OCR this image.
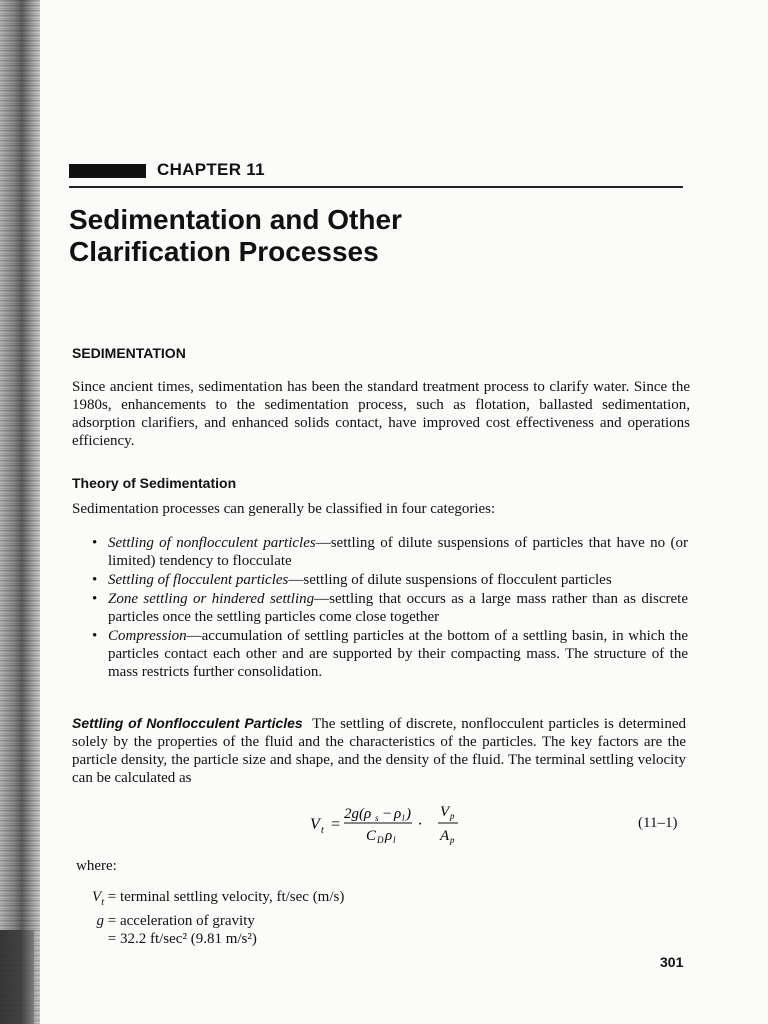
CHAPTER 11
Sedimentation and Other
Clarification Processes
SEDIMENTATION
Since ancient times, sedimentation has been the standard treatment process to clarify water. Since the 1980s, enhancements to the sedimentation process, such as flotation, ballasted sedimentation, adsorption clarifiers, and enhanced solids contact, have improved cost effectiveness and operations efficiency.
Theory of Sedimentation
Sedimentation processes can generally be classified in four categories:
• Settling of nonflocculent particles—settling of dilute suspensions of particles that have no (or limited) tendency to flocculate
• Settling of flocculent particles—settling of dilute suspensions of flocculent particles
• Zone settling or hindered settling—settling that occurs as a large mass rather than as discrete particles once the settling particles come close together
• Compression—accumulation of settling particles at the bottom of a settling basin, in which the particles contact each other and are supported by their compacting mass. The structure of the mass restricts further consolidation.
Settling of Nonflocculent Particles The settling of discrete, nonflocculent particles is determined solely by the properties of the fluid and the characteristics of the particles. The key factors are the particle density, the particle size and shape, and the density of the fluid. The terminal settling velocity can be calculated as
V t =
2g(ρ s − ρ l )
C D ρ l
·
V p
A p
(11–1)
where:
$V_t$ = terminal settling velocity, ft/sec (m/s)
g = acceleration of gravity
= 32.2 ft/sec² (9.81 m/s²)
301
